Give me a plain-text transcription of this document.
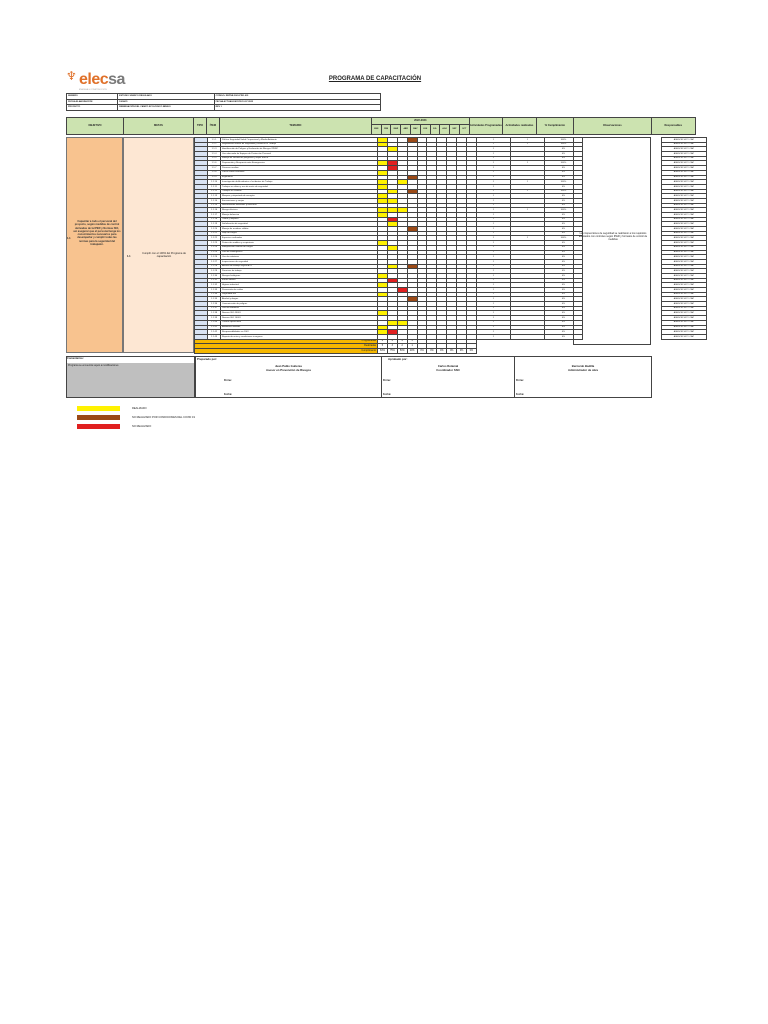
♆ elecsa
ENERGIA & CONSTRUCCIÓN
PROGRAMA DE CAPACITACIÓN
NÚMERO	ESTUDIO SISMICO REGULADO	CÓDIGO: REPNE-SSO-PRO-001
FECHA ELABORACIÓN	10/08/21	FECHA ACTUALIZACIÓN 10.07.2023
PROYECTO	REMEDIACIÓN DEL CAMPO ECOLÓGICO BRAVO	REV 1
OBJETIVO	METAS	TIPO	ÍTEM	TEMARIO	2022-2023										Actividades Programadas	Actividades realizadas	% Cumplimiento	Observaciones	Responsables
					ENE	FEB	MAR	ABR	MAY	JUN	JUL	AGO	SEP	OCT					
1.1
Capacitar a todo el personal del proyecto, según medidas de control derivadas de la IPER y Normas ISO, así asegurar que el personal tenga los conocimientos necesarios para desempeñar y cumplir todas las normas para la seguridad del trabajador.
1.1
Cumplir con el 100% del Programa de capacitación
	1.1.1	Política Seguridad Salud Ocupacional y Medio Ambiente											1	1	100%		ASESOR SST / CAP
	1.1.2	Reglamento Interno de Seguridad y Salud en el Trabajo											1	1	100%		ASESOR SST / CAP
	1.1.3	Identificación de Peligros y Evaluación de Riesgos IPERC											1		0%		ASESOR SST / CAP
	1.1.4	Uso adecuado de Equipos de Protección Personal											1		0%		ASESOR SST / CAP
	1.1.5	Manejo de sustancias peligrosas y hojas MSDS											1		0%		ASESOR SST / CAP
	1.1.6	Preparación y Respuesta ante Emergencias											1	1	100%		ASESOR SST / CAP
	1.1.7	Primeros auxilios											1		0%		ASESOR SST / CAP
	1.1.8	Lucha contra incendios											1		0%		ASESOR SST / CAP
	1.1.9	Ergonomía											1		0%		ASESOR SST / CAP
	1.1.10	Investigación de Accidentes e Incidentes de Trabajo											1	1	100%		ASESOR SST / CAP
	1.1.11	Trabajos en altura y uso de arnés de seguridad											1		0%		ASESOR SST / CAP
	1.1.12	Trabajos en caliente											1	1	100%		ASESOR SST / CAP
	1.1.13	Bloqueo y etiquetado de energías											1		0%		ASESOR SST / CAP
	1.1.14	Excavaciones y zanjas											1		0%		ASESOR SST / CAP
	1.1.15	Herramientas manuales y eléctricas											1		0%		ASESOR SST / CAP
	1.1.16	Riesgo eléctrico											1	1	100%		ASESOR SST / CAP
	1.1.17	Manejo defensivo											1		0%		ASESOR SST / CAP
	1.1.18	Orden y limpieza											1		0%		ASESOR SST / CAP
	1.1.19	Señalización de seguridad											1		0%		ASESOR SST / CAP
	1.1.20	Manejo de residuos sólidos											1		0%		ASESOR SST / CAP
	1.1.21	Izaje de cargas											1		0%		ASESOR SST / CAP
	1.1.22	Espacios confinados											1	1	100%		ASESOR SST / CAP
	1.1.23	Protección auditiva y respiratoria											1		0%		ASESOR SST / CAP
	1.1.24	Manipulación manual de cargas											1		0%		ASESOR SST / CAP
	1.1.25	Plan de contingencia											1		0%		ASESOR SST / CAP
	1.1.26	Uso de extintores											1		0%		ASESOR SST / CAP
	1.1.27	Inspecciones de seguridad											1		0%		ASESOR SST / CAP
	1.1.28	Análisis de trabajo seguro ATS											1		0%		ASESOR SST / CAP
	1.1.29	Permisos de trabajo											1		0%		ASESOR SST / CAP
	1.1.30	Riesgos biológicos											1		0%		ASESOR SST / CAP
	1.1.31	Estrés laboral											1		0%		ASESOR SST / CAP
	1.1.32	Higiene industrial											1		0%		ASESOR SST / CAP
	1.1.33	Prevención de caídas											1		0%		ASESOR SST / CAP
	1.1.34	Seguridad vial											1		0%		ASESOR SST / CAP
	1.1.35	Alcohol y drogas											1		0%		ASESOR SST / CAP
	1.1.36	Comunicación de peligros											1		0%		ASESOR SST / CAP
	1.1.37	Uso de andamios											1		0%		ASESOR SST / CAP
	1.1.38	Normas ISO 45001											1		0%		ASESOR SST / CAP
	1.1.39	Normas ISO 14001											1		0%		ASESOR SST / CAP
	1.1.40	Control operacional											1		0%		ASESOR SST / CAP
	1.1.41	Auditorías internas											1		0%		ASESOR SST / CAP
	1.1.42	Responsabilidades en SSO											1		0%		ASESOR SST / CAP
	1.1.43	Reporte de actos y condiciones inseguras											1		0%		ASESOR SST / CAP
Programadas			6	4	4	5											
Realizadas			5	3	2	1											
Cumplimiento			83%	75%	50%	20%	0%	0%	0%	0%	0%	0%					
Las inspecciones de seguridad se realizaron a los requisitos asociados con controles según IPER y formatos de control de medidas
Comentarios:
Programa se encuentra sujeto a modificaciones
Preparado por:
Juan Pablo Guiteras
Asesor en Prevención de Riesgos
Firma:
Fecha:
Aprobado por:
Carlos Retamal
Coordinador SSO
Firma:
Fecha:
Bernardo Badilla
Administrador de obra
Firma:
Fecha:
REALIZADO
NO REALIZADO POR CONDICIONES DEL COVID 19
NO REALIZADO
